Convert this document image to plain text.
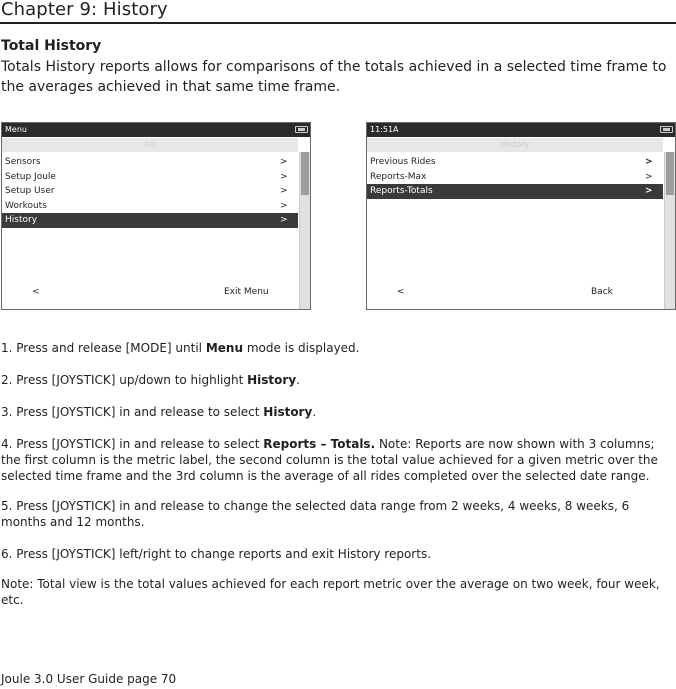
Chapter 9: History
Total History
Totals History reports allows for comparisons of the totals achieved in a selected time frame to the averages achieved in that same time frame.
Menu
ﾒｲﾅ
Sensors	>
Setup Joule	>
Setup User	>
Workouts	>
History	>
<	Exit Menu
11:51A
History
Previous Rides	>
Reports-Max	>
Reports-Totals	>
<	Back
1. Press and release [MODE] until Menu mode is displayed.
2. Press [JOYSTICK] up/down to highlight History.
3. Press [JOYSTICK] in and release to select History.
4. Press [JOYSTICK] in and release to select Reports – Totals. Note: Reports are now shown with 3 columns; the first column is the metric label, the second column is the total value achieved for a given metric over the selected time frame and the 3rd column is the average of all rides completed over the selected date range.
5. Press [JOYSTICK] in and release to change the selected data range from 2 weeks, 4 weeks, 8 weeks, 6 months and 12 months.
6. Press [JOYSTICK] left/right to change reports and exit History reports.
Note: Total view is the total values achieved for each report metric over the average on two week, four week, etc.
Joule 3.0 User Guide page 70
